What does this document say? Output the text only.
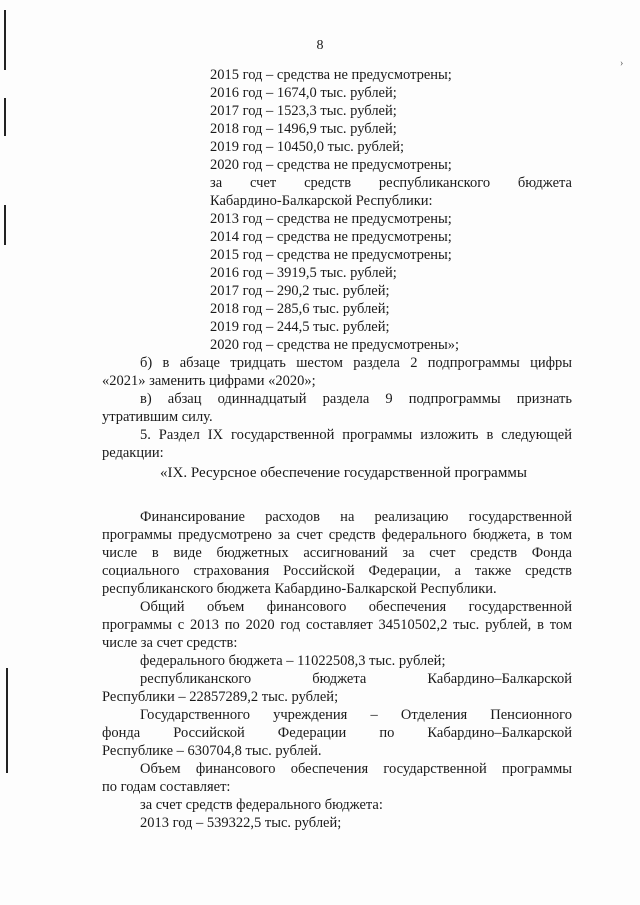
›
8

2015 год – средства не предусмотрены;

2016 год – 1674,0 тыс. рублей;

2017 год – 1523,3 тыс. рублей;

2018 год – 1496,9 тыс. рублей;

2019 год – 10450,0 тыс. рублей;

2020 год – средства не предусмотрены;

за счет средств республиканского бюджета

Кабардино-Балкарской Республики:

2013 год – средства не предусмотрены;

2014 год – средства не предусмотрены;

2015 год – средства не предусмотрены;

2016 год – 3919,5 тыс. рублей;

2017 год – 290,2 тыс. рублей;

2018 год – 285,6 тыс. рублей;

2019 год – 244,5 тыс. рублей;

2020 год – средства не предусмотрены»;

б) в абзаце тридцать шестом раздела 2 подпрограммы цифры

«2021» заменить цифрами «2020»;

в) абзац одиннадцатый раздела 9 подпрограммы признать

утратившим силу.

5. Раздел IX государственной программы изложить в следующей

редакции:

«IX. Ресурсное обеспечение государственной программы

Финансирование расходов на реализацию государственной

программы предусмотрено за счет средств федерального бюджета, в том

числе в виде бюджетных ассигнований за счет средств Фонда

социального страхования Российской Федерации, а также средств

республиканского бюджета Кабардино-Балкарской Республики.

Общий объем финансового обеспечения государственной

программы с 2013 по 2020 год составляет 34510502,2 тыс. рублей, в том

числе за счет средств:

федерального бюджета – 11022508,3 тыс. рублей;

республиканского бюджета Кабардино–Балкарской

Республики – 22857289,2 тыс. рублей;

Государственного учреждения – Отделения Пенсионного

фонда Российской Федерации по Кабардино–Балкарской

Республике – 630704,8 тыс. рублей.

Объем финансового обеспечения государственной программы

по годам составляет:

за счет средств федерального бюджета:

2013 год – 539322,5 тыс. рублей;
